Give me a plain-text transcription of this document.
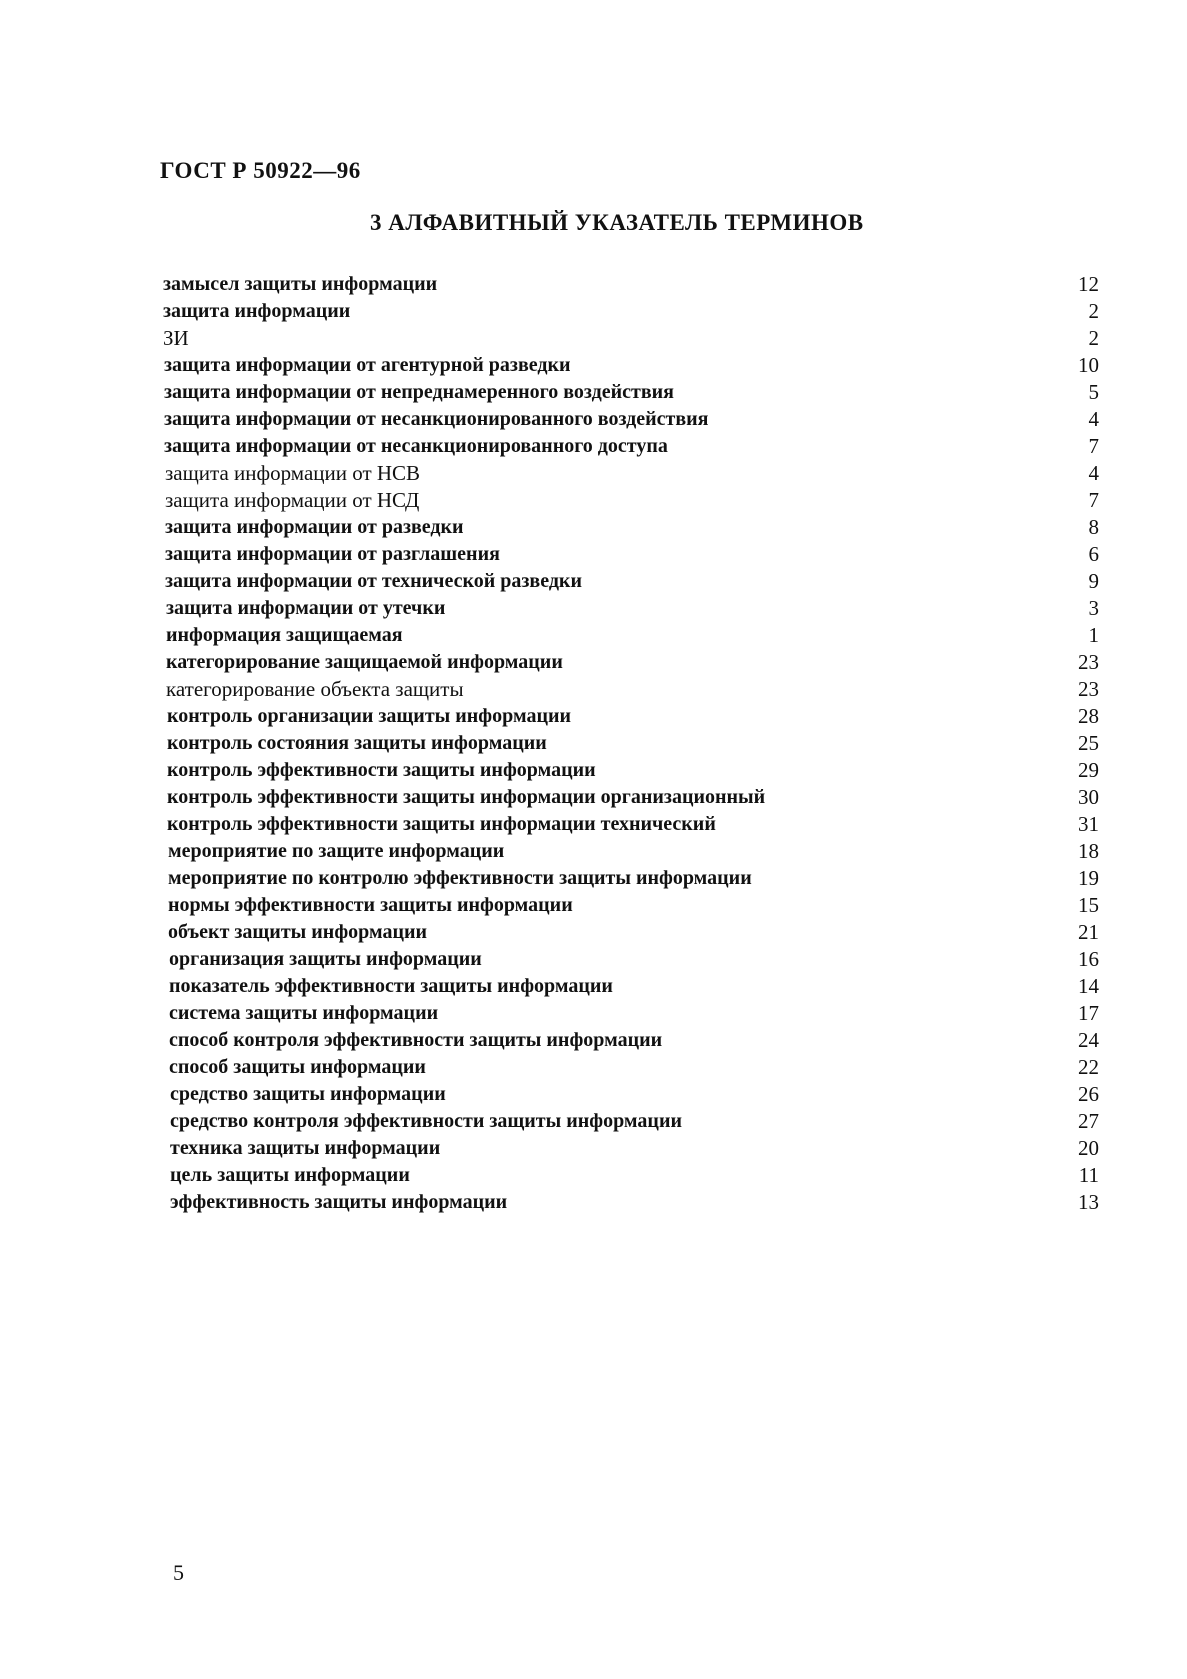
ГОСТ Р 50922—96
3 АЛФАВИТНЫЙ УКАЗАТЕЛЬ ТЕРМИНОВ
замысел защиты информации	12
защита информации	2
ЗИ	2
защита информации от агентурной разведки	10
защита информации от непреднамеренного воздействия	5
защита информации от несанкционированного воздействия	4
защита информации от несанкционированного доступа	7
защита информации от НСВ	4
защита информации от НСД	7
защита информации от разведки	8
защита информации от разглашения	6
защита информации от технической разведки	9
защита информации от утечки	3
информация защищаемая	1
категорирование защищаемой информации	23
категорирование объекта защиты	23
контроль организации защиты информации	28
контроль состояния защиты информации	25
контроль эффективности защиты информации	29
контроль эффективности защиты информации организационный	30
контроль эффективности защиты информации технический	31
мероприятие по защите информации	18
мероприятие по контролю эффективности защиты информации	19
нормы эффективности защиты информации	15
объект защиты информации	21
организация защиты информации	16
показатель эффективности защиты информации	14
система защиты информации	17
способ контроля эффективности защиты информации	24
способ защиты информации	22
средство защиты информации	26
средство контроля эффективности защиты информации	27
техника защиты информации	20
цель защиты информации	11
эффективность защиты информации	13
5
